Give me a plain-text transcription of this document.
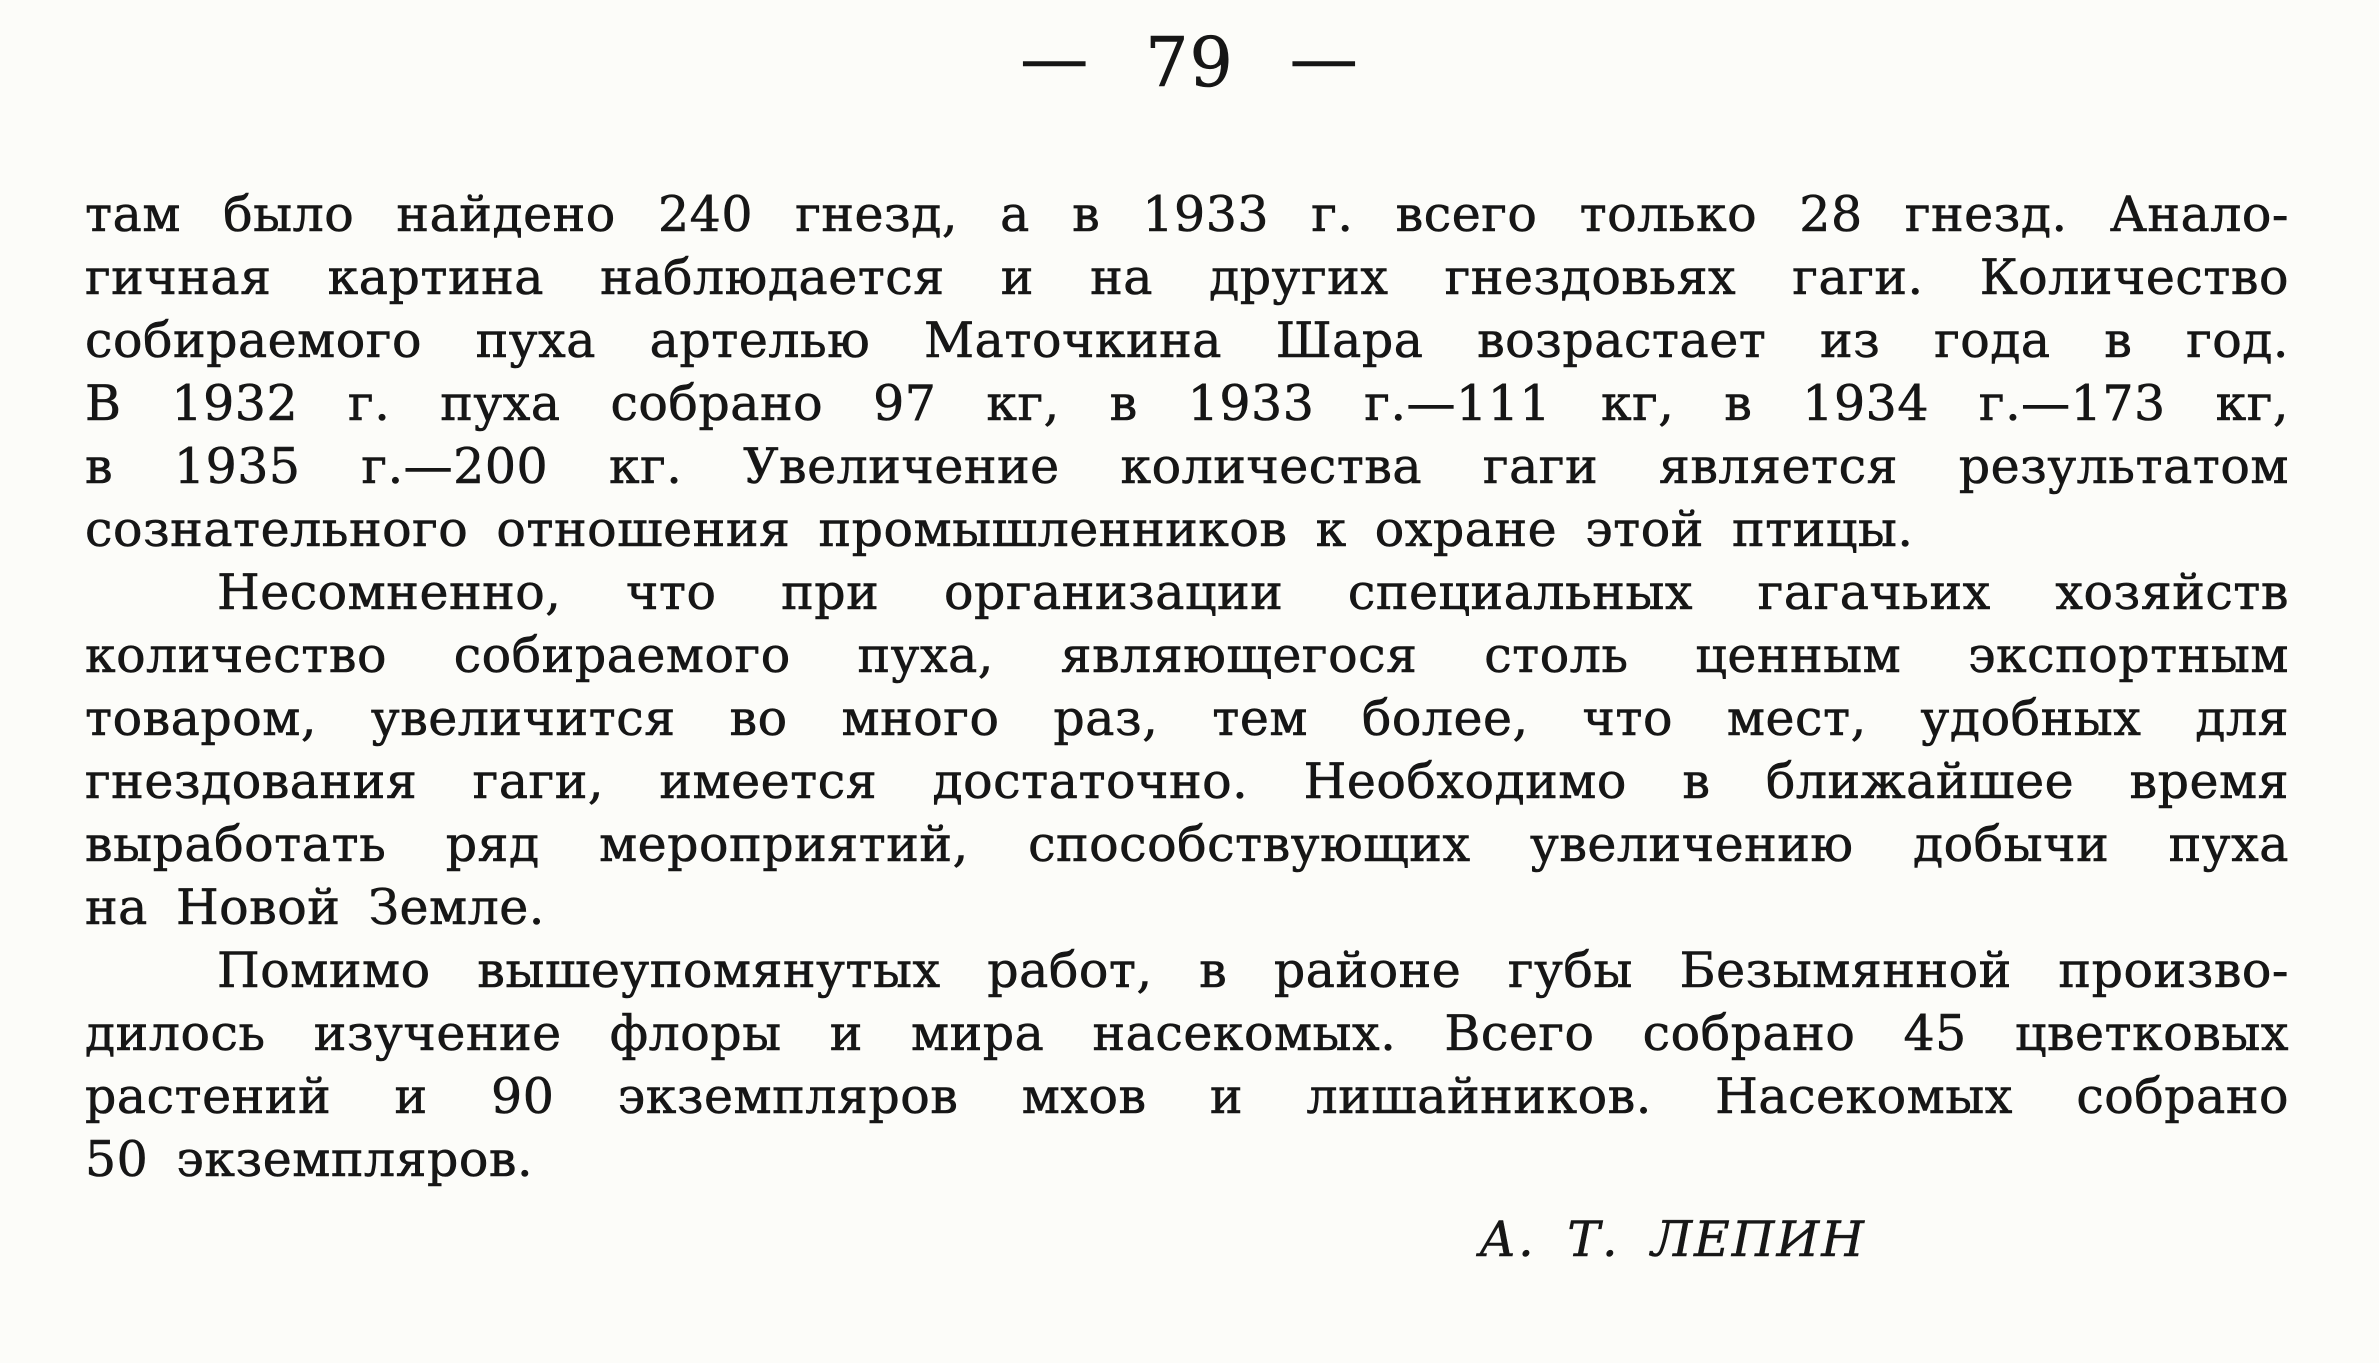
— 79 —
там было найдено 240 гнезд, а в 1933 г. всего только 28 гнезд. Анало-
гичная картина наблюдается и на других гнездовьях гаги. Количество
собираемого пуха артелью Маточкина Шара возрастает из года в год.
В 1932 г. пуха собрано 97 кг, в 1933 г.—111 кг, в 1934 г.—173 кг,
в 1935 г.—200 кг. Увеличение количества гаги является результатом
сознательного отношения промышленников к охране этой птицы.
Несомненно, что при организации специальных гагачьих хозяйств
количество собираемого пуха, являющегося столь ценным экспортным
товаром, увеличится во много раз, тем более, что мест, удобных для
гнездования гаги, имеется достаточно. Необходимо в ближайшее время
выработать ряд мероприятий, способствующих увеличению добычи пуха
на Новой Земле.
Помимо вышеупомянутых работ, в районе губы Безымянной произво-
дилось изучение флоры и мира насекомых. Всего собрано 45 цветковых
растений и 90 экземпляров мхов и лишайников. Насекомых собрано
50 экземпляров.
А. Т. ЛЕПИН
